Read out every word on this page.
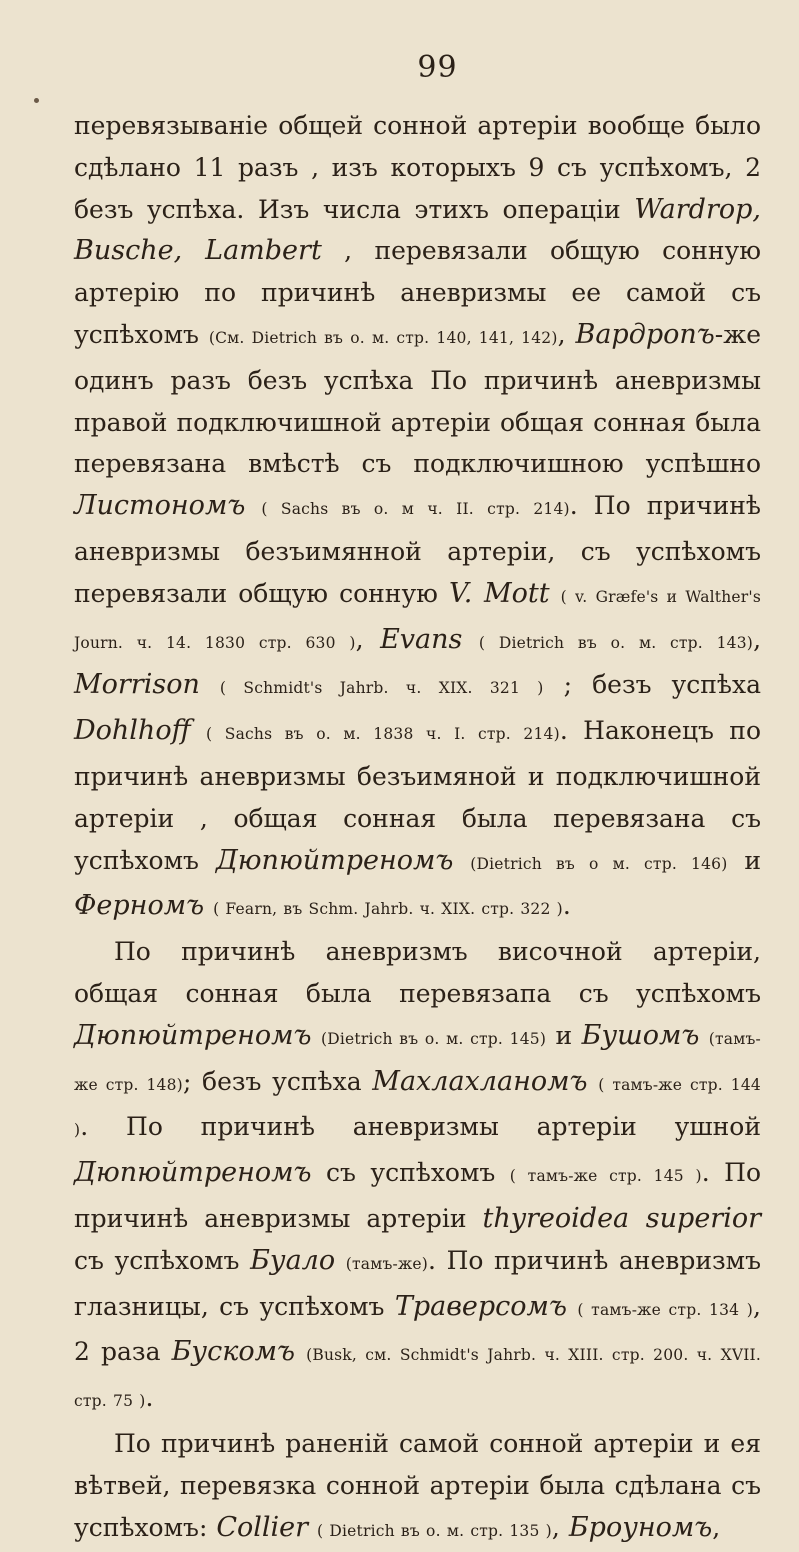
99

перевязываніе общей сонной артеріи вообще было сдѣлано 11 разъ , изъ которыхъ 9 съ успѣхомъ, 2 безъ успѣха. Изъ числа этихъ операціи Wardrop, Busche, Lambert , перевязали общую сонную артерію по причинѣ аневризмы ее самой съ успѣхомъ (См. Dietrich въ о. м. стр. 140, 141, 142), Вардропъ-же одинъ разъ безъ успѣха По причинѣ аневризмы правой подключишной артеріи общая сонная была перевязана вмѣстѣ съ подключишною успѣшно Листономъ ( Sachs въ о. м ч. II. стр. 214). По причинѣ аневризмы безъимянной артеріи, съ успѣхомъ перевязали общую сонную V. Mott ( v. Græfe's и Walther's Journ. ч. 14. 1830 стр. 630 ), Evans ( Dietrich въ о. м. стр. 143), Morrison ( Schmidt's Jahrb. ч. XIX. 321 ) ; безъ успѣха Dohlhoff ( Sachs въ о. м. 1838 ч. I. стр. 214). Наконецъ по причинѣ аневризмы безъимяной и подключишной артеріи , общая сонная была перевязана съ успѣхомъ Дюпюйтреномъ (Dietrich въ о м. стр. 146) и Ферномъ ( Fearn, въ Schm. Jahrb. ч. XIX. стр. 322 ).

По причинѣ аневризмъ височной артеріи, общая сонная была перевязапа съ успѣхомъ Дюпюйтреномъ (Dietrich въ о. м. стр. 145) и Бушомъ (тамъ-же стр. 148); безъ успѣха Махлахланомъ ( тамъ-же стр. 144 ). По причинѣ аневризмы артеріи ушной Дюпюйтреномъ съ успѣхомъ ( тамъ-же стр. 145 ). По причинѣ аневризмы артеріи thyreoidea superior съ успѣхомъ Буало (тамъ-же). По причинѣ аневризмъ глазницы, съ успѣхомъ Траверсомъ ( тамъ-же стр. 134 ), 2 раза Бускомъ (Busk, см. Schmidt's Jahrb. ч. XIII. стр. 200. ч. XVII. стр. 75 ).

По причинѣ раненій самой сонной артеріи и ея вѣтвей, перевязка сонной артеріи была сдѣлана съ успѣхомъ: Collier ( Dietrich въ о. м. стр. 135 ), Броуномъ,
